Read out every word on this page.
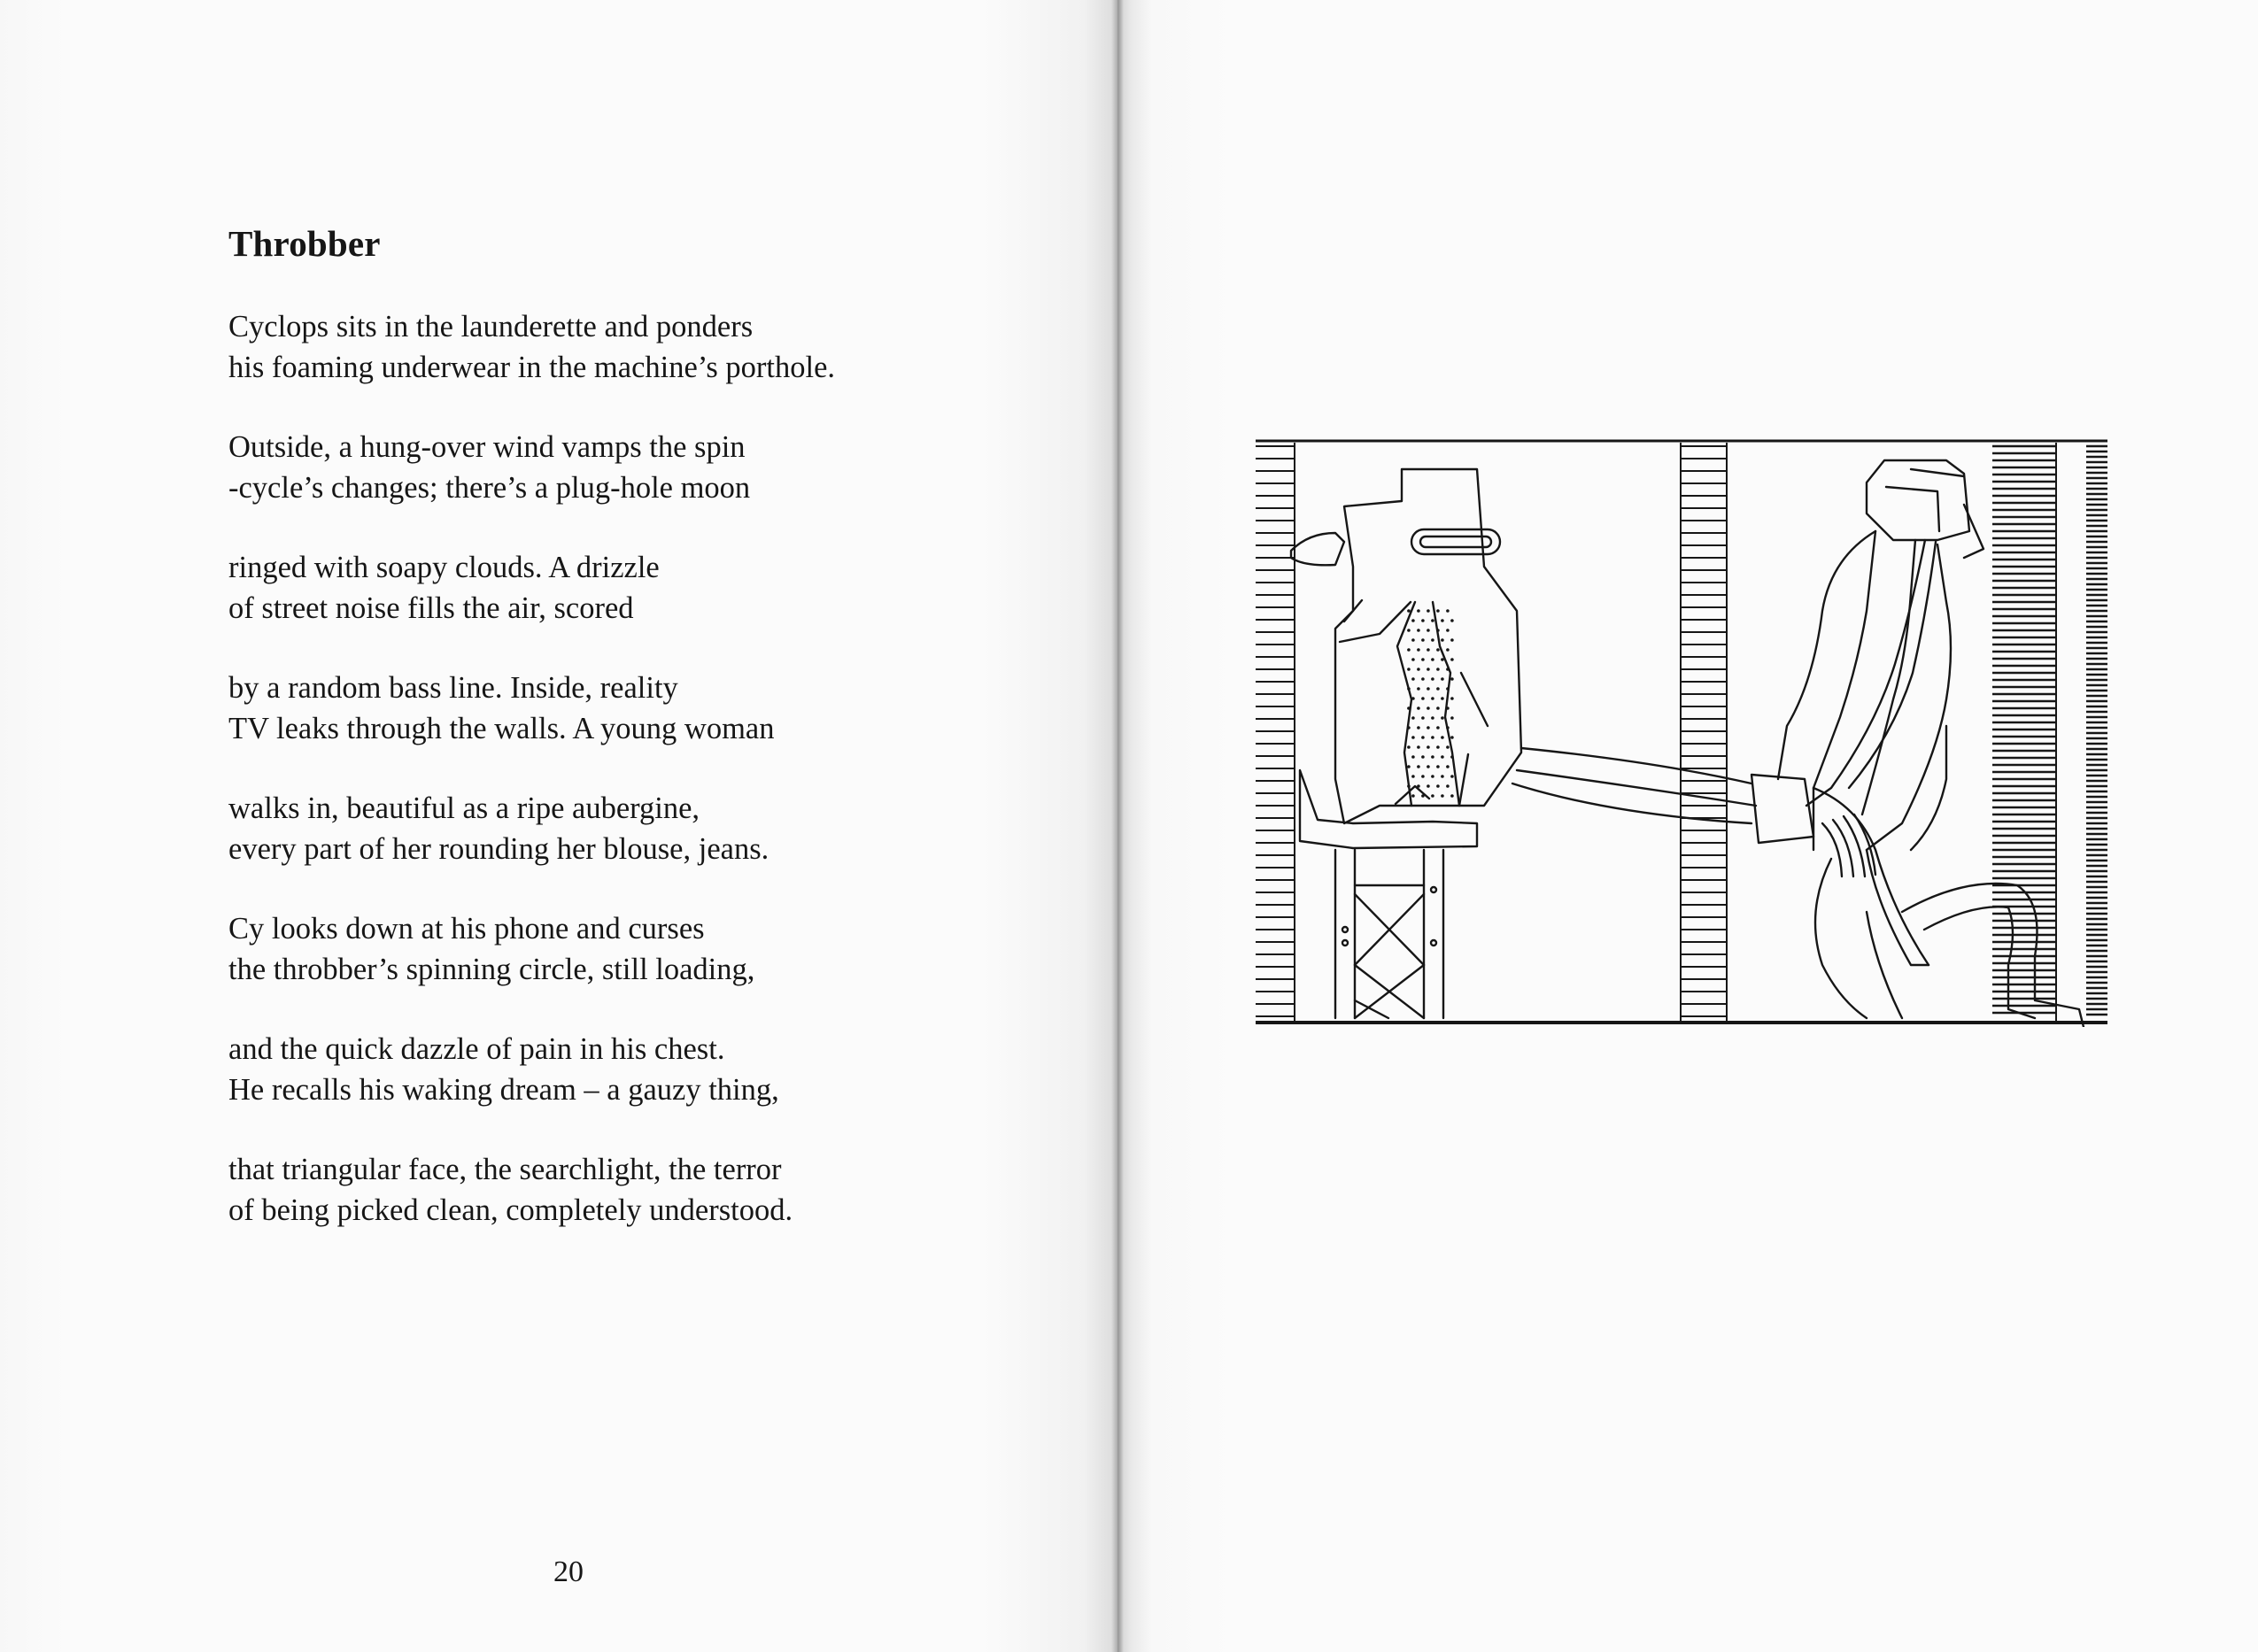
Throbber
Cyclops sits in the launderette and ponders
his foaming underwear in the machine’s porthole.
Outside, a hung-over wind vamps the spin
-cycle’s changes; there’s a plug-hole moon
ringed with soapy clouds. A drizzle
of street noise fills the air, scored
by a random bass line. Inside, reality
TV leaks through the walls. A young woman
walks in, beautiful as a ripe aubergine,
every part of her rounding her blouse, jeans.
Cy looks down at his phone and curses
the throbber’s spinning circle, still loading,
and the quick dazzle of pain in his chest.
He recalls his waking dream – a gauzy thing,
that triangular face, the searchlight, the terror
of being picked clean, completely understood.
20
